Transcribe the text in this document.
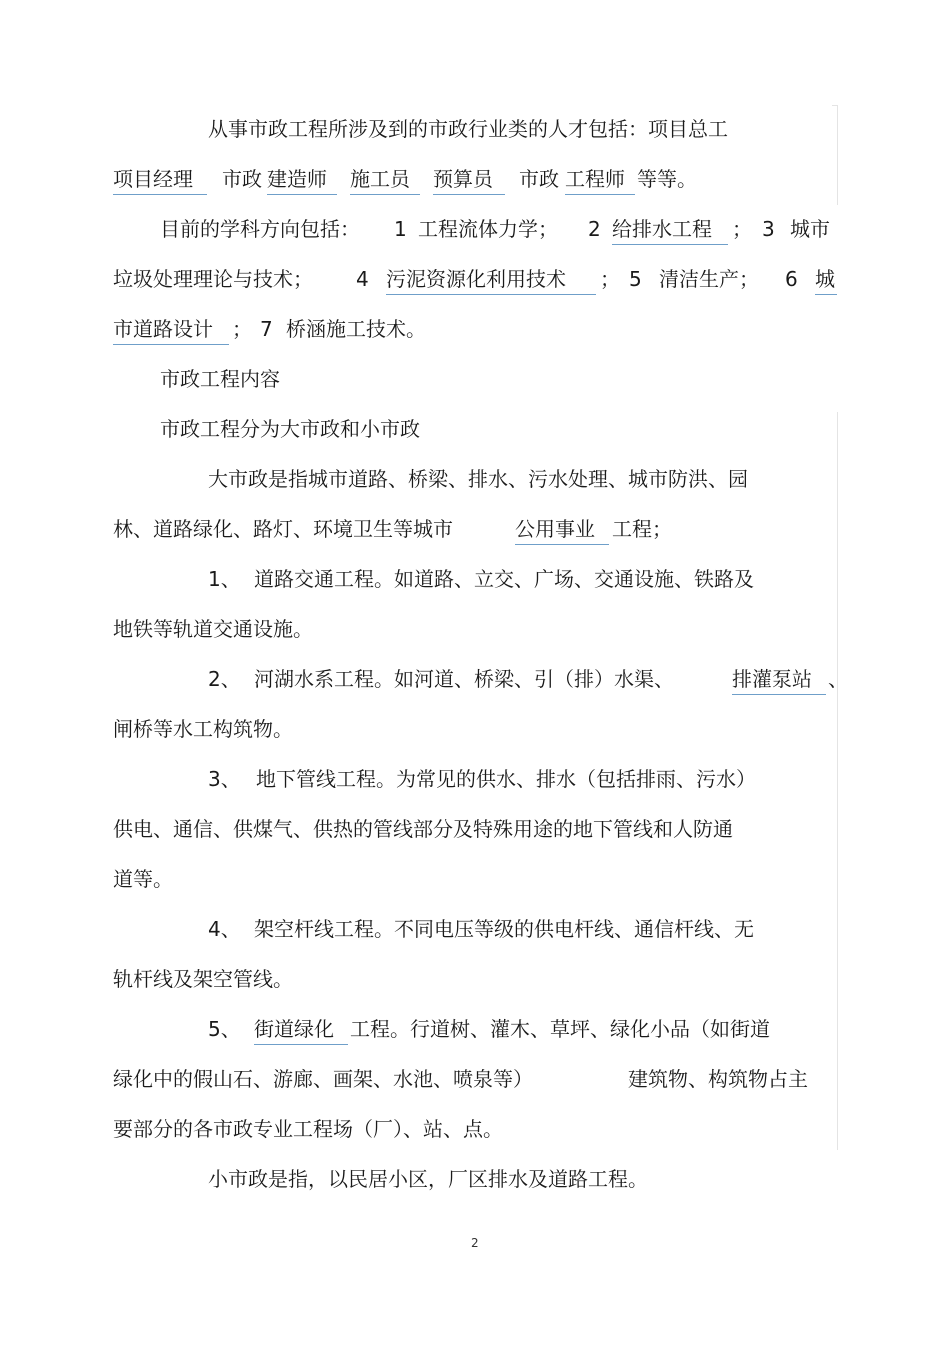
从事市政工程所涉及到的市政行业类的人才包括：项目总工
项目经理	市政 建造师	施工员	预算员	市政 工程师 等等。
目前的学科方向包括： 1 工程流体力学； 2 给排水工程	； 3 城市
垃圾处理理论与技术； 4 污泥资源化利用技术	； 5 清洁生产； 6 城
市道路设计 ； 7 桥涵施工技术。
市政工程内容
市政工程分为大市政和小市政
大市政是指城市道路、桥梁、排水、污水处理、城市防洪、园
林、道路绿化、路灯、环境卫生等城市	公用事业 工程；
1、 道路交通工程。如道路、立交、广场、交通设施、铁路及
地铁等轨道交通设施。
2、 河湖水系工程。如河道、桥梁、引（排）水渠、	排灌泵站 、
闸桥等水工构筑物。
3、 地下管线工程。为常见的供水、排水（包括排雨、污水）
供电、通信、供煤气、供热的管线部分及特殊用途的地下管线和人防通
道等。
4、 架空杆线工程。不同电压等级的供电杆线、通信杆线、无
轨杆线及架空管线。
5、 街道绿化 工程。行道树、灌木、草坪、绿化小品（如街道
绿化中的假山石、游廊、画架、水池、喷泉等）	建筑物、构筑物占主
要部分的各市政专业工程场（厂）、站、点。
小市政是指，以民居小区，厂区排水及道路工程。
2
